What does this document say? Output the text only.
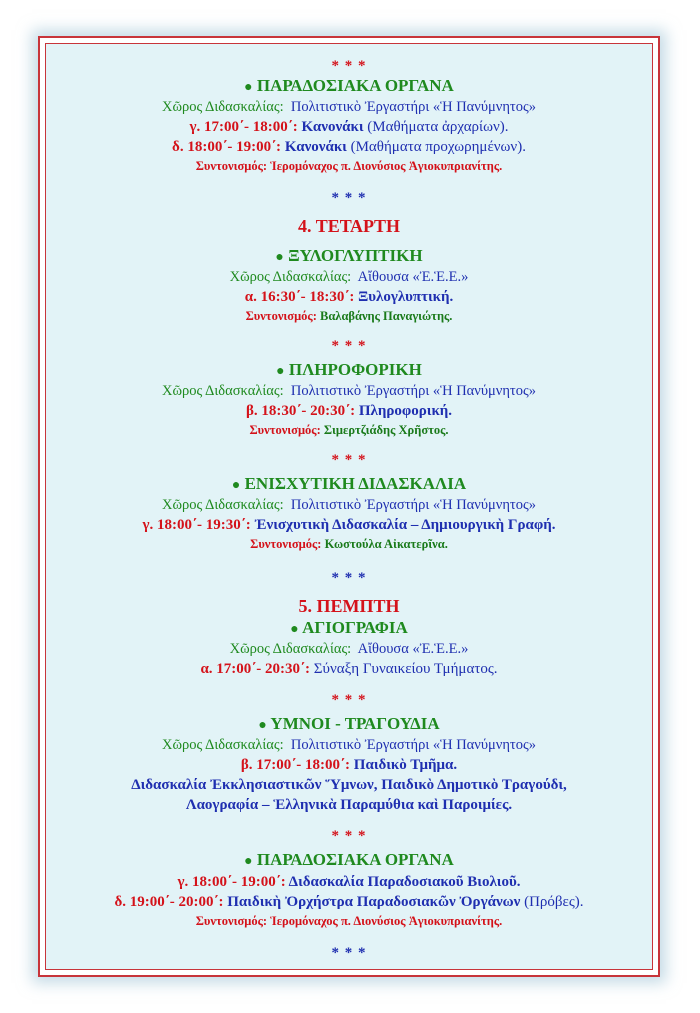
* * *

● ΠΑΡΑΔΟΣΙΑΚΑ ΟΡΓΑΝΑ

Χῶρος Διδασκαλίας: Πολιτιστικὸ Ἐργαστήρι «Ἡ Πανύμνητος»

γ. 17:00΄- 18:00΄: Κανονάκι (Μαθήματα ἀρχαρίων).

δ. 18:00΄- 19:00΄: Κανονάκι (Μαθήματα προχωρημένων).

Συντονισμός: Ἱερομόναχος π. Διονύσιος Ἁγιοκυπριανίτης.

* * *

4. ΤΕΤΑΡΤΗ

● ΞΥΛΟΓΛΥΠΤΙΚΗ

Χῶρος Διδασκαλίας: Αἴθουσα «Ἐ.Ἑ.Ε.»

α. 16:30΄- 18:30΄: Ξυλογλυπτική.

Συντονισμός: Βαλαβάνης Παναγιώτης.

* * *

● ΠΛΗΡΟΦΟΡΙΚΗ

Χῶρος Διδασκαλίας: Πολιτιστικὸ Ἐργαστήρι «Ἡ Πανύμνητος»

β. 18:30΄- 20:30΄: Πληροφορική.

Συντονισμός: Σιμερτζιάδης Χρῆστος.

* * *

● ΕΝΙΣΧΥΤΙΚΗ ΔΙΔΑΣΚΑΛΙΑ

Χῶρος Διδασκαλίας: Πολιτιστικὸ Ἐργαστήρι «Ἡ Πανύμνητος»

γ. 18:00΄- 19:30΄: Ἐνισχυτικὴ Διδασκαλία – Δημιουργικὴ Γραφή.

Συντονισμός: Κωστούλα Αἰκατερῖνα.

* * *

5. ΠΕΜΠΤΗ

● ΑΓΙΟΓΡΑΦΙΑ

Χῶρος Διδασκαλίας: Αἴθουσα «Ἐ.Ἑ.Ε.»

α. 17:00΄- 20:30΄: Σύναξη Γυναικείου Τμήματος.

* * *

● ΥΜΝΟΙ - ΤΡΑΓΟΥΔΙΑ

Χῶρος Διδασκαλίας: Πολιτιστικὸ Ἐργαστήρι «Ἡ Πανύμνητος»

β. 17:00΄- 18:00΄: Παιδικὸ Τμῆμα.

Διδασκαλία Ἐκκλησιαστικῶν Ὕμνων, Παιδικὸ Δημοτικὸ Τραγούδι,

Λαογραφία – Ἑλληνικὰ Παραμύθια καὶ Παροιμίες.

* * *

● ΠΑΡΑΔΟΣΙΑΚΑ ΟΡΓΑΝΑ

γ. 18:00΄- 19:00΄: Διδασκαλία Παραδοσιακοῦ Βιολιοῦ.

δ. 19:00΄- 20:00΄: Παιδικὴ Ὀρχήστρα Παραδοσιακῶν Ὀργάνων (Πρόβες).

Συντονισμός: Ἱερομόναχος π. Διονύσιος Ἁγιοκυπριανίτης.

* * *
